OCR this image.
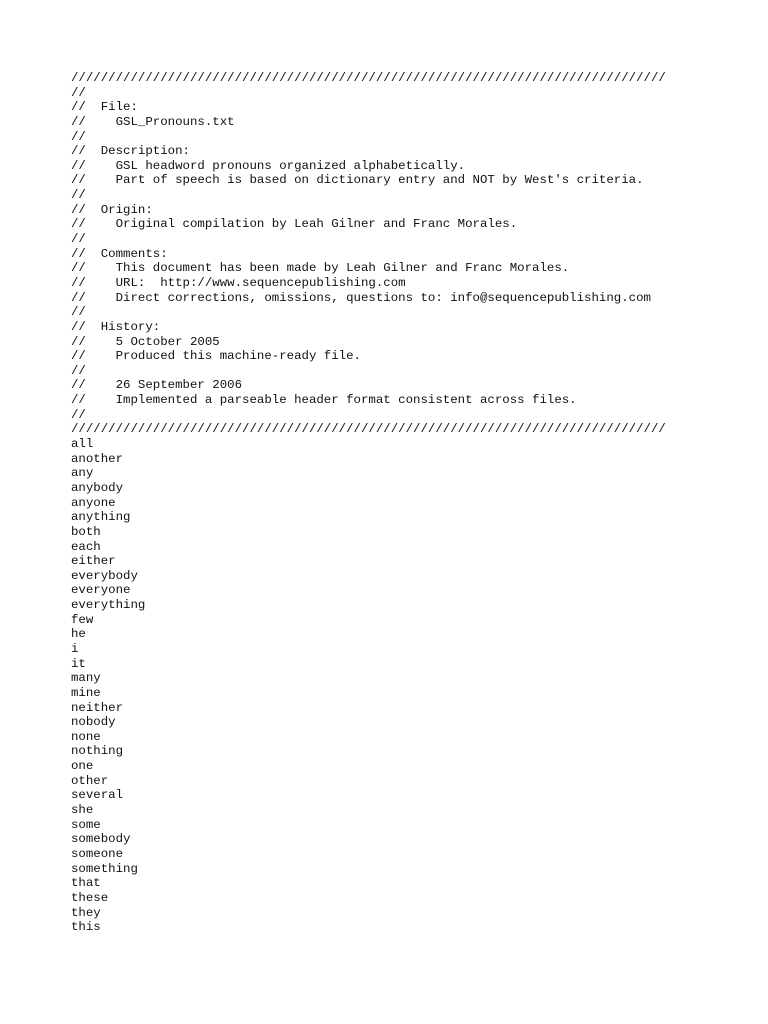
////////////////////////////////////////////////////////////////////////////////
//
//  File:
//    GSL_Pronouns.txt
//
//  Description:
//    GSL headword pronouns organized alphabetically.
//    Part of speech is based on dictionary entry and NOT by West's criteria.
//
//  Origin:
//    Original compilation by Leah Gilner and Franc Morales.
//
//  Comments:
//    This document has been made by Leah Gilner and Franc Morales.
//    URL:  http://www.sequencepublishing.com
//    Direct corrections, omissions, questions to: info@sequencepublishing.com
//
//  History:
//    5 October 2005
//    Produced this machine-ready file.
//
//    26 September 2006
//    Implemented a parseable header format consistent across files.
//
////////////////////////////////////////////////////////////////////////////////
all
another
any
anybody
anyone
anything
both
each
either
everybody
everyone
everything
few
he
i
it
many
mine
neither
nobody
none
nothing
one
other
several
she
some
somebody
someone
something
that
these
they
this
